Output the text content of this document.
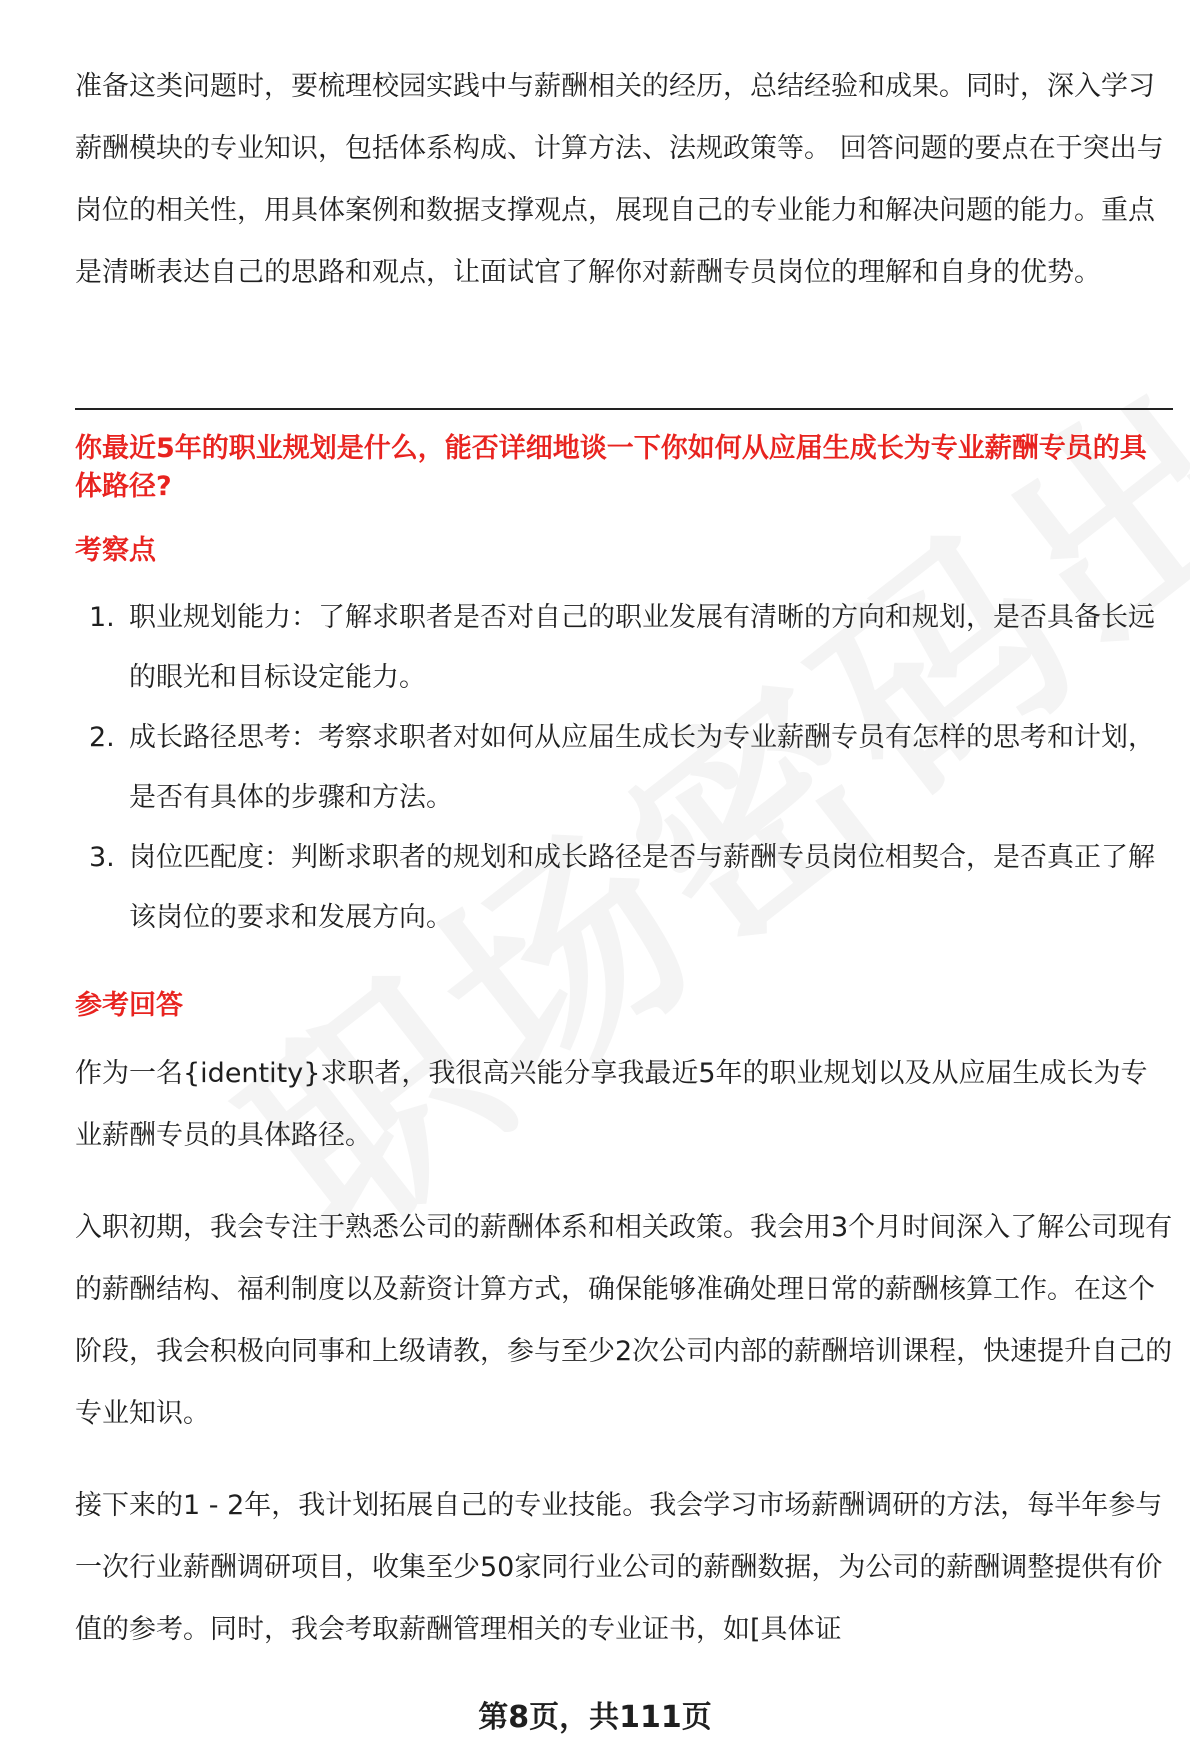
准备这类问题时，要梳理校园实践中与薪酬相关的经历，总结经验和成果。同时，深入学习薪酬模块的专业知识，包括体系构成、计算方法、法规政策等。 回答问题的要点在于突出与岗位的相关性，用具体案例和数据支撑观点，展现自己的专业能力和解决问题的能力。重点是清晰表达自己的思路和观点，让面试官了解你对薪酬专员岗位的理解和自身的优势。

你最近5年的职业规划是什么，能否详细地谈一下你如何从应届生成长为专业薪酬专员的具体路径?

考察点

1. 职业规划能力：了解求职者是否对自己的职业发展有清晰的方向和规划，是否具备长远的眼光和目标设定能力。
2. 成长路径思考：考察求职者对如何从应届生成长为专业薪酬专员有怎样的思考和计划，是否有具体的步骤和方法。
3. 岗位匹配度：判断求职者的规划和成长路径是否与薪酬专员岗位相契合，是否真正了解该岗位的要求和发展方向。

参考回答

作为一名{identity}求职者，我很高兴能分享我最近5年的职业规划以及从应届生成长为专业薪酬专员的具体路径。

入职初期，我会专注于熟悉公司的薪酬体系和相关政策。我会用3个月时间深入了解公司现有的薪酬结构、福利制度以及薪资计算方式，确保能够准确处理日常的薪酬核算工作。在这个阶段，我会积极向同事和上级请教，参与至少2次公司内部的薪酬培训课程，快速提升自己的专业知识。

接下来的1 - 2年，我计划拓展自己的专业技能。我会学习市场薪酬调研的方法，每半年参与一次行业薪酬调研项目，收集至少50家同行业公司的薪酬数据，为公司的薪酬调整提供有价值的参考。同时，我会考取薪酬管理相关的专业证书，如[具体证

第8页，共111页
